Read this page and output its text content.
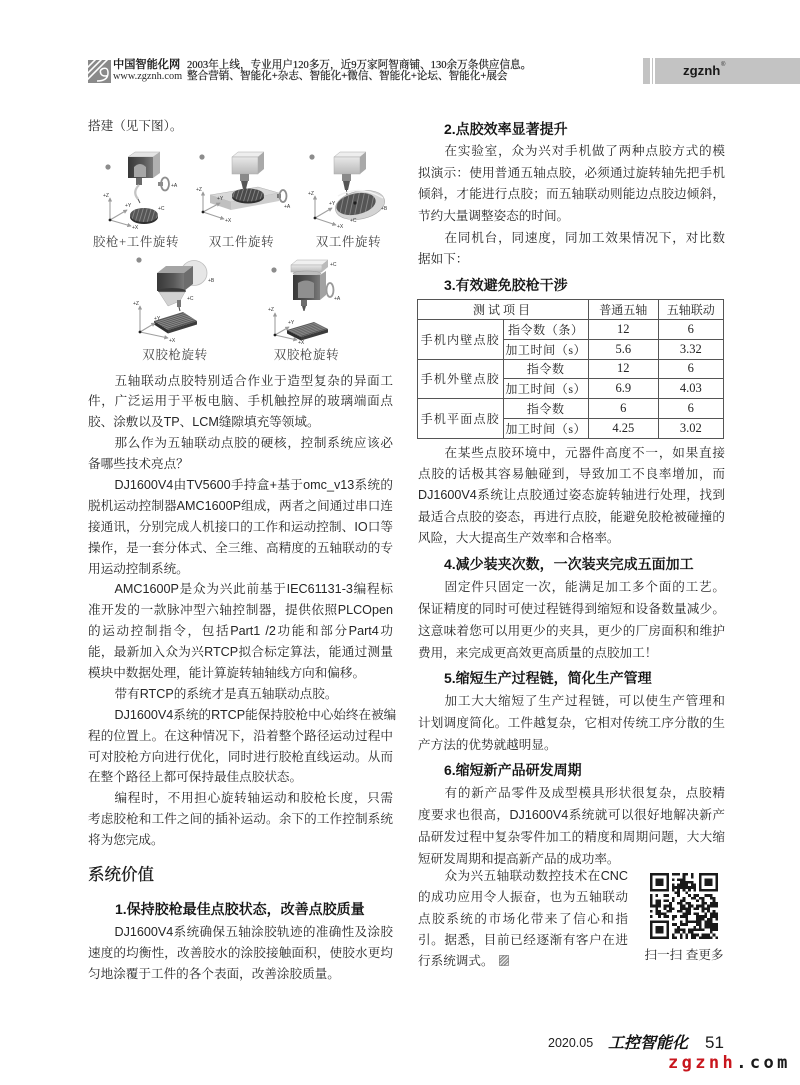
中国智能化网
www.zgznh.com
2003年上线，专业用户120多万，近9万家阿智商铺、130余万条供应信息。
整合营销、智能化+杂志、智能化+微信、智能化+论坛、智能化+展会	zgznh ®
搭建（见下图）。
+Z
+Y
+X
+C
+A
+Z
+Y
+X
+A
+Z
+Y
+X
+C
+B
+Z
+Y
+X
+B
+C
+Z
+Y
+X
+C
+A
胶枪+工件旋转	双工件旋转	双工件旋转
双胶枪旋转	双胶枪旋转
五轴联动点胶特别适合作业于造型复杂的异面工
件，广泛运用于平板电脑、手机触控屏的玻璃端面点
胶、涂敷以及TP、LCM缝隙填充等领域。
那么作为五轴联动点胶的硬核，控制系统应该必
备哪些技术亮点？
DJ1600V4由TV5600手持盒+基于omc_v13系统的
脱机运动控制器AMC1600P组成，两者之间通过串口连
接通讯，分别完成人机接口的工作和运动控制、IO口等
操作，是一套分体式、全三维、高精度的五轴联动的专
用运动控制系统。
AMC1600P是众为兴此前基于IEC61131-3编程标
准开发的一款脉冲型六轴控制器，提供依照PLCOpen
的运动控制指令，包括Part1 /2功能和部分Part4功
能，最新加入众为兴RTCP拟合标定算法，能通过测量
模块中数据处理，能计算旋转轴轴线方向和偏移。
带有RTCP的系统才是真五轴联动点胶。
DJ1600V4系统的RTCP能保持胶枪中心始终在被编
程的位置上。在这种情况下，沿着整个路径运动过程中
可对胶枪方向进行优化，同时进行胶枪直线运动。从而
在整个路径上都可保持最佳点胶状态。
编程时，不用担心旋转轴运动和胶枪长度，只需
考虑胶枪和工件之间的插补运动。余下的工作控制系统
将为您完成。
系统价值
1.保持胶枪最佳点胶状态，改善点胶质量
DJ1600V4系统确保五轴涂胶轨迹的准确性及涂胶
速度的均衡性，改善胶水的涂胶接触面积，使胶水更均
匀地涂覆于工件的各个表面，改善涂胶质量。
2.点胶效率显著提升
在实验室，众为兴对手机做了两种点胶方式的模
拟演示：使用普通五轴点胶，必须通过旋转轴先把手机
倾斜，才能进行点胶；而五轴联动则能边点胶边倾斜，
节约大量调整姿态的时间。
在同机台，同速度，同加工效果情况下，对比数
据如下：
3.有效避免胶枪干涉
测试项目		普通五轴	五轴联动
手机内壁点胶	指令数（条）	12	6
	加工时间（s）	5.6	3.32
手机外壁点胶	指令数	12	6
	加工时间（s）	6.9	4.03
手机平面点胶	指令数	6	6
	加工时间（s）	4.25	3.02
在某些点胶环境中，元器件高度不一，如果直接
点胶的话极其容易触碰到，导致加工不良率增加，而
DJ1600V4系统让点胶通过姿态旋转轴进行处理，找到
最适合点胶的姿态，再进行点胶，能避免胶枪被碰撞的
风险，大大提高生产效率和合格率。
4.减少装夹次数，一次装夹完成五面加工
固定件只固定一次，能满足加工多个面的工艺。
保证精度的同时可使过程链得到缩短和设备数量减少。
这意味着您可以用更少的夹具，更少的厂房面积和维护
费用，来完成更高效更高质量的点胶加工！
5.缩短生产过程链，简化生产管理
加工大大缩短了生产过程链，可以使生产管理和
计划调度简化。工件越复杂，它相对传统工序分散的生
产方法的优势就越明显。
6.缩短新产品研发周期
有的新产品零件及成型模具形状很复杂，点胶精
度要求也很高，DJ1600V4系统就可以很好地解决新产
品研发过程中复杂零件加工的精度和周期问题，大大缩
短研发周期和提高新产品的成功率。
众为兴五轴联动数控技术在CNC
的成功应用令人振奋，也为五轴联动
点胶系统的市场化带来了信心和指
引。据悉，目前已经逐渐有客户在进
行系统调式。	扫一扫 查更多
2020.05 工控智能化 51
zgznh.com
